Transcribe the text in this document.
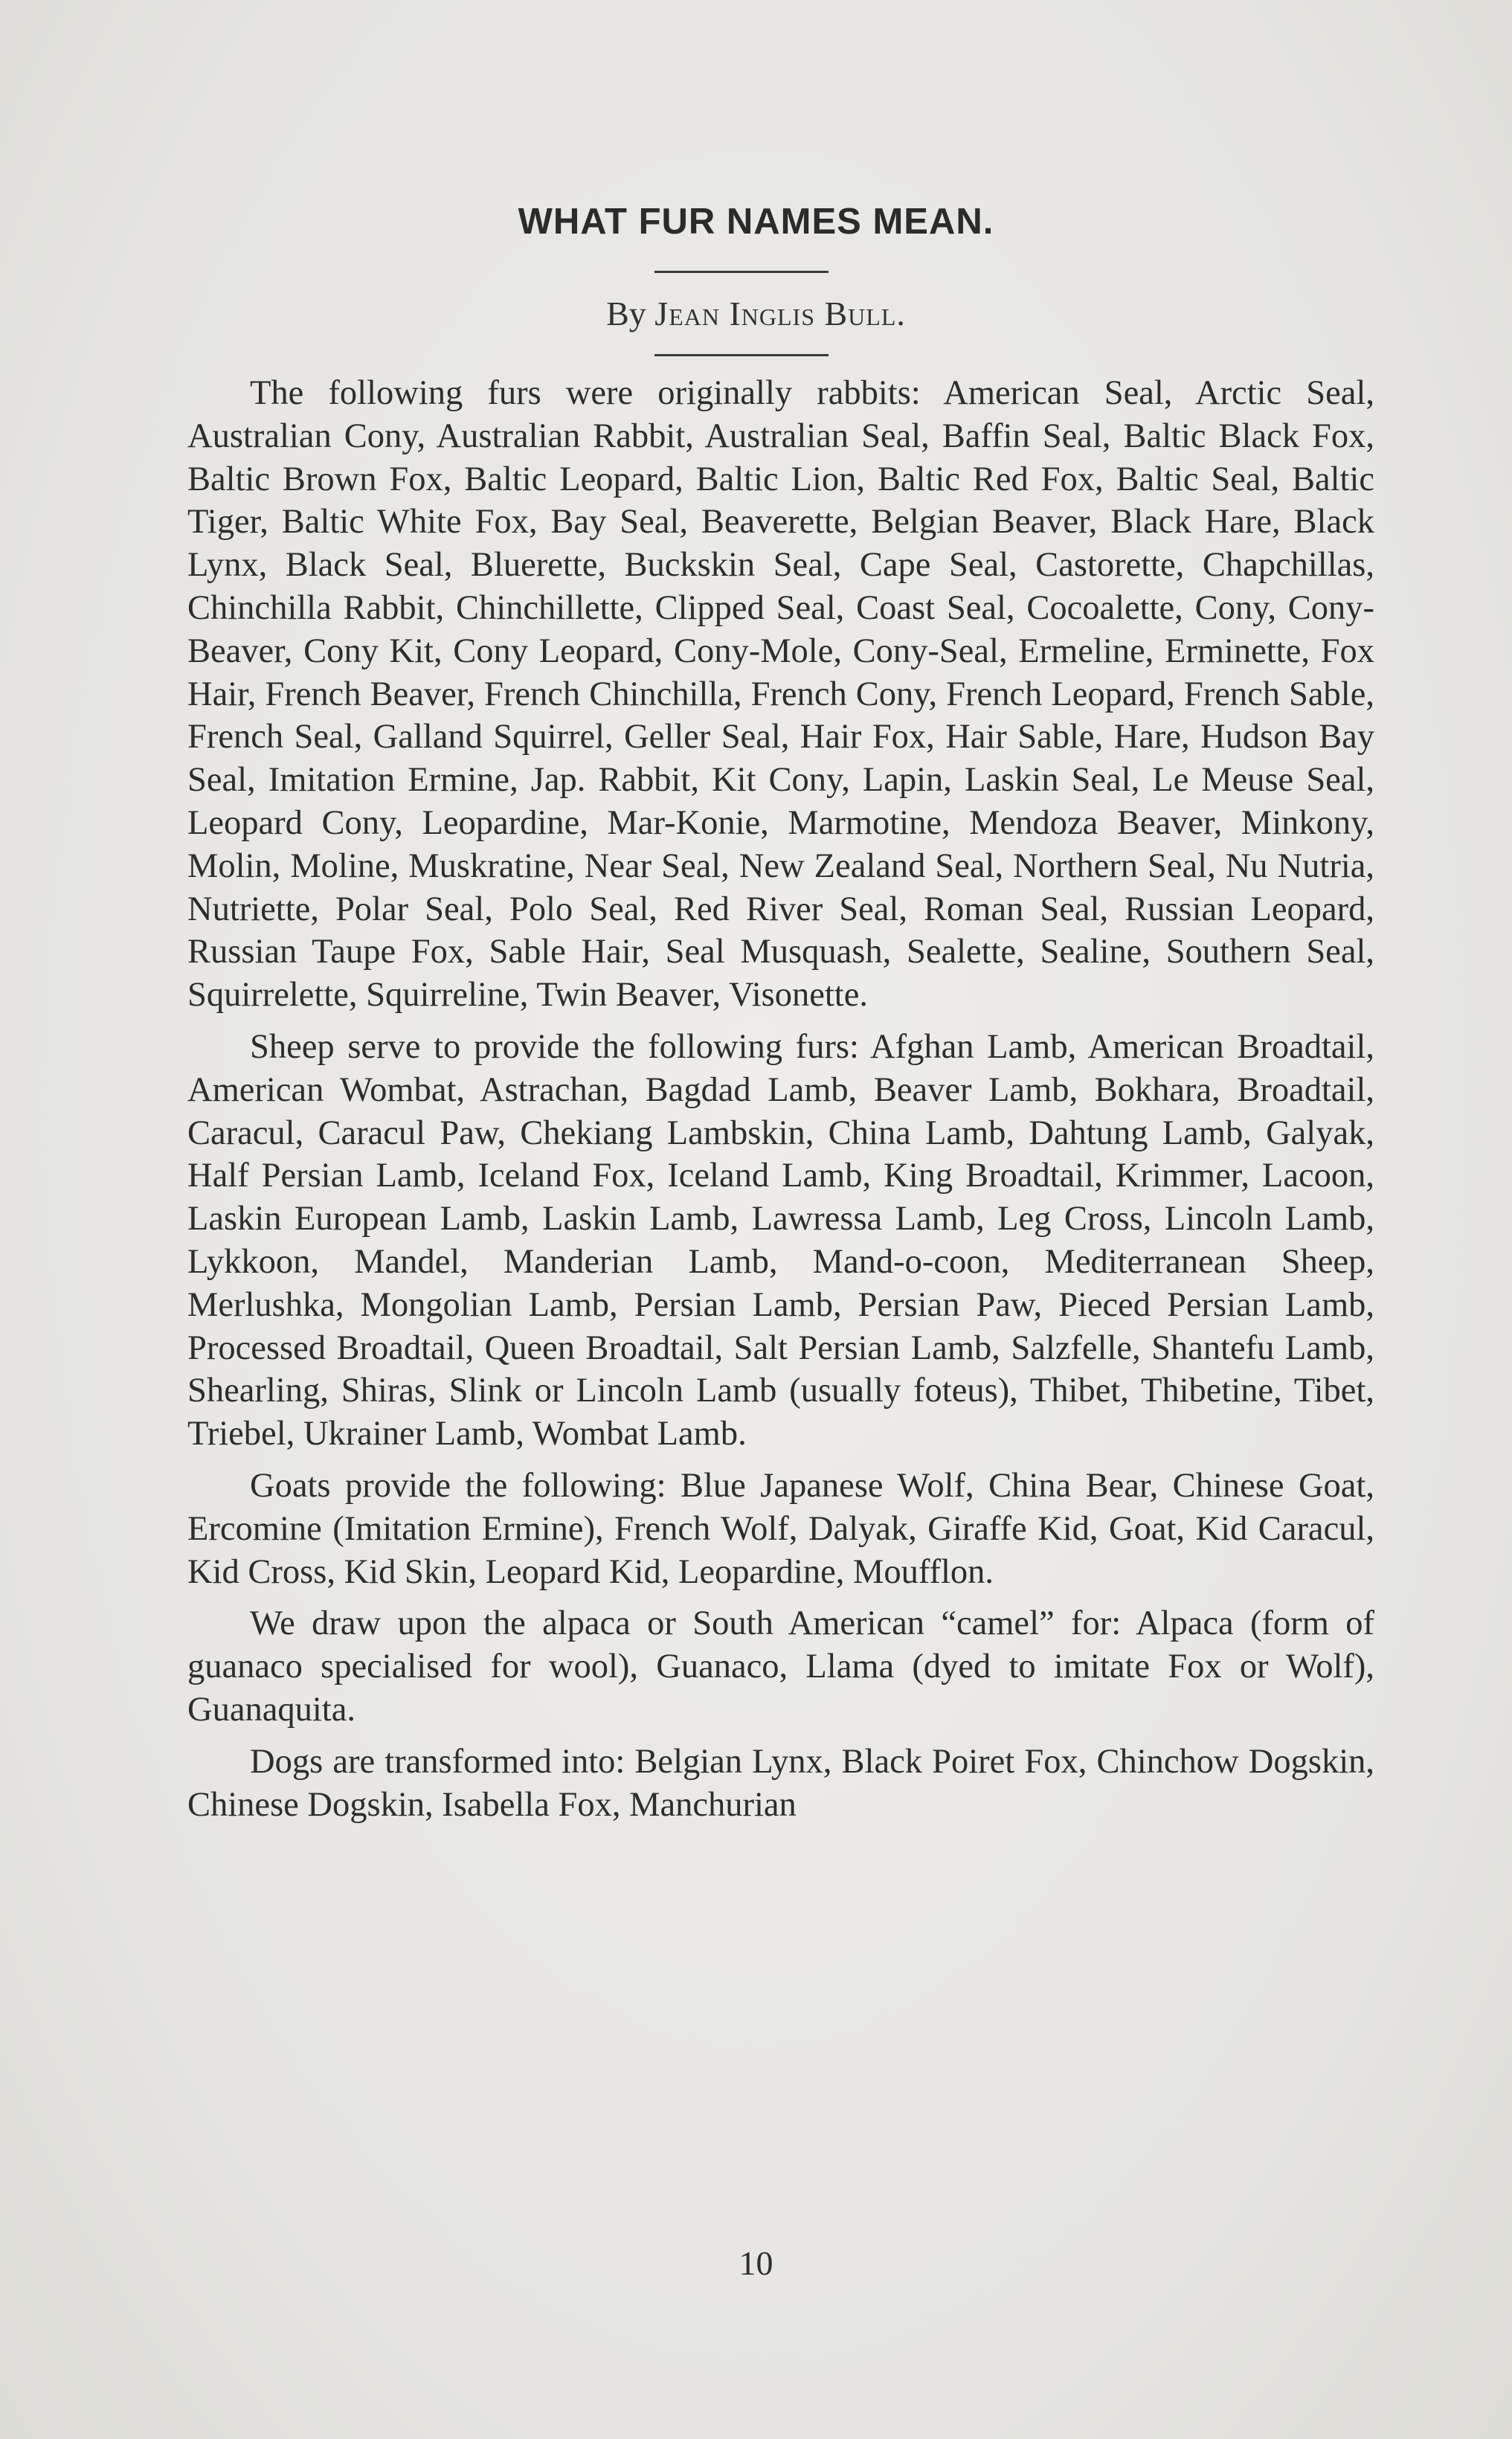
WHAT FUR NAMES MEAN.
By Jean Inglis Bull.

The following furs were originally rabbits: American Seal, Arctic Seal, Australian Cony, Australian Rabbit, Australian Seal, Baffin Seal, Baltic Black Fox, Baltic Brown Fox, Baltic Leopard, Baltic Lion, Baltic Red Fox, Baltic Seal, Baltic Tiger, Baltic White Fox, Bay Seal, Beaverette, Belgian Beaver, Black Hare, Black Lynx, Black Seal, Bluerette, Buckskin Seal, Cape Seal, Castorette, Chapchillas, Chinchilla Rabbit, Chinchillette, Clipped Seal, Coast Seal, Cocoalette, Cony, Cony-Beaver, Cony Kit, Cony Leopard, Cony-Mole, Cony-Seal, Ermeline, Erminette, Fox Hair, French Beaver, French Chinchilla, French Cony, French Leopard, French Sable, French Seal, Galland Squirrel, Geller Seal, Hair Fox, Hair Sable, Hare, Hudson Bay Seal, Imitation Ermine, Jap. Rabbit, Kit Cony, Lapin, Laskin Seal, Le Meuse Seal, Leopard Cony, Leopardine, Mar-Konie, Marmotine, Mendoza Beaver, Minkony, Molin, Moline, Muskratine, Near Seal, New Zealand Seal, Northern Seal, Nu Nutria, Nutriette, Polar Seal, Polo Seal, Red River Seal, Roman Seal, Russian Leopard, Russian Taupe Fox, Sable Hair, Seal Musquash, Sealette, Sealine, Southern Seal, Squirrelette, Squirreline, Twin Beaver, Visonette.

Sheep serve to provide the following furs: Afghan Lamb, American Broadtail, American Wombat, Astrachan, Bagdad Lamb, Beaver Lamb, Bokhara, Broadtail, Caracul, Caracul Paw, Chekiang Lambskin, China Lamb, Dahtung Lamb, Galyak, Half Persian Lamb, Iceland Fox, Iceland Lamb, King Broadtail, Krimmer, Lacoon, Laskin European Lamb, Laskin Lamb, Lawressa Lamb, Leg Cross, Lincoln Lamb, Lykkoon, Mandel, Manderian Lamb, Mand-o-coon, Mediterranean Sheep, Merlushka, Mongolian Lamb, Persian Lamb, Persian Paw, Pieced Persian Lamb, Processed Broadtail, Queen Broadtail, Salt Persian Lamb, Salzfelle, Shantefu Lamb, Shearling, Shiras, Slink or Lincoln Lamb (usually foteus), Thibet, Thibetine, Tibet, Triebel, Ukrainer Lamb, Wombat Lamb.

Goats provide the following: Blue Japanese Wolf, China Bear, Chinese Goat, Ercomine (Imitation Ermine), French Wolf, Dalyak, Giraffe Kid, Goat, Kid Caracul, Kid Cross, Kid Skin, Leopard Kid, Leopardine, Moufflon.

We draw upon the alpaca or South American “camel” for: Alpaca (form of guanaco specialised for wool), Guanaco, Llama (dyed to imitate Fox or Wolf), Guanaquita.

Dogs are transformed into: Belgian Lynx, Black Poiret Fox, Chinchow Dogskin, Chinese Dogskin, Isabella Fox, Manchurian

10
